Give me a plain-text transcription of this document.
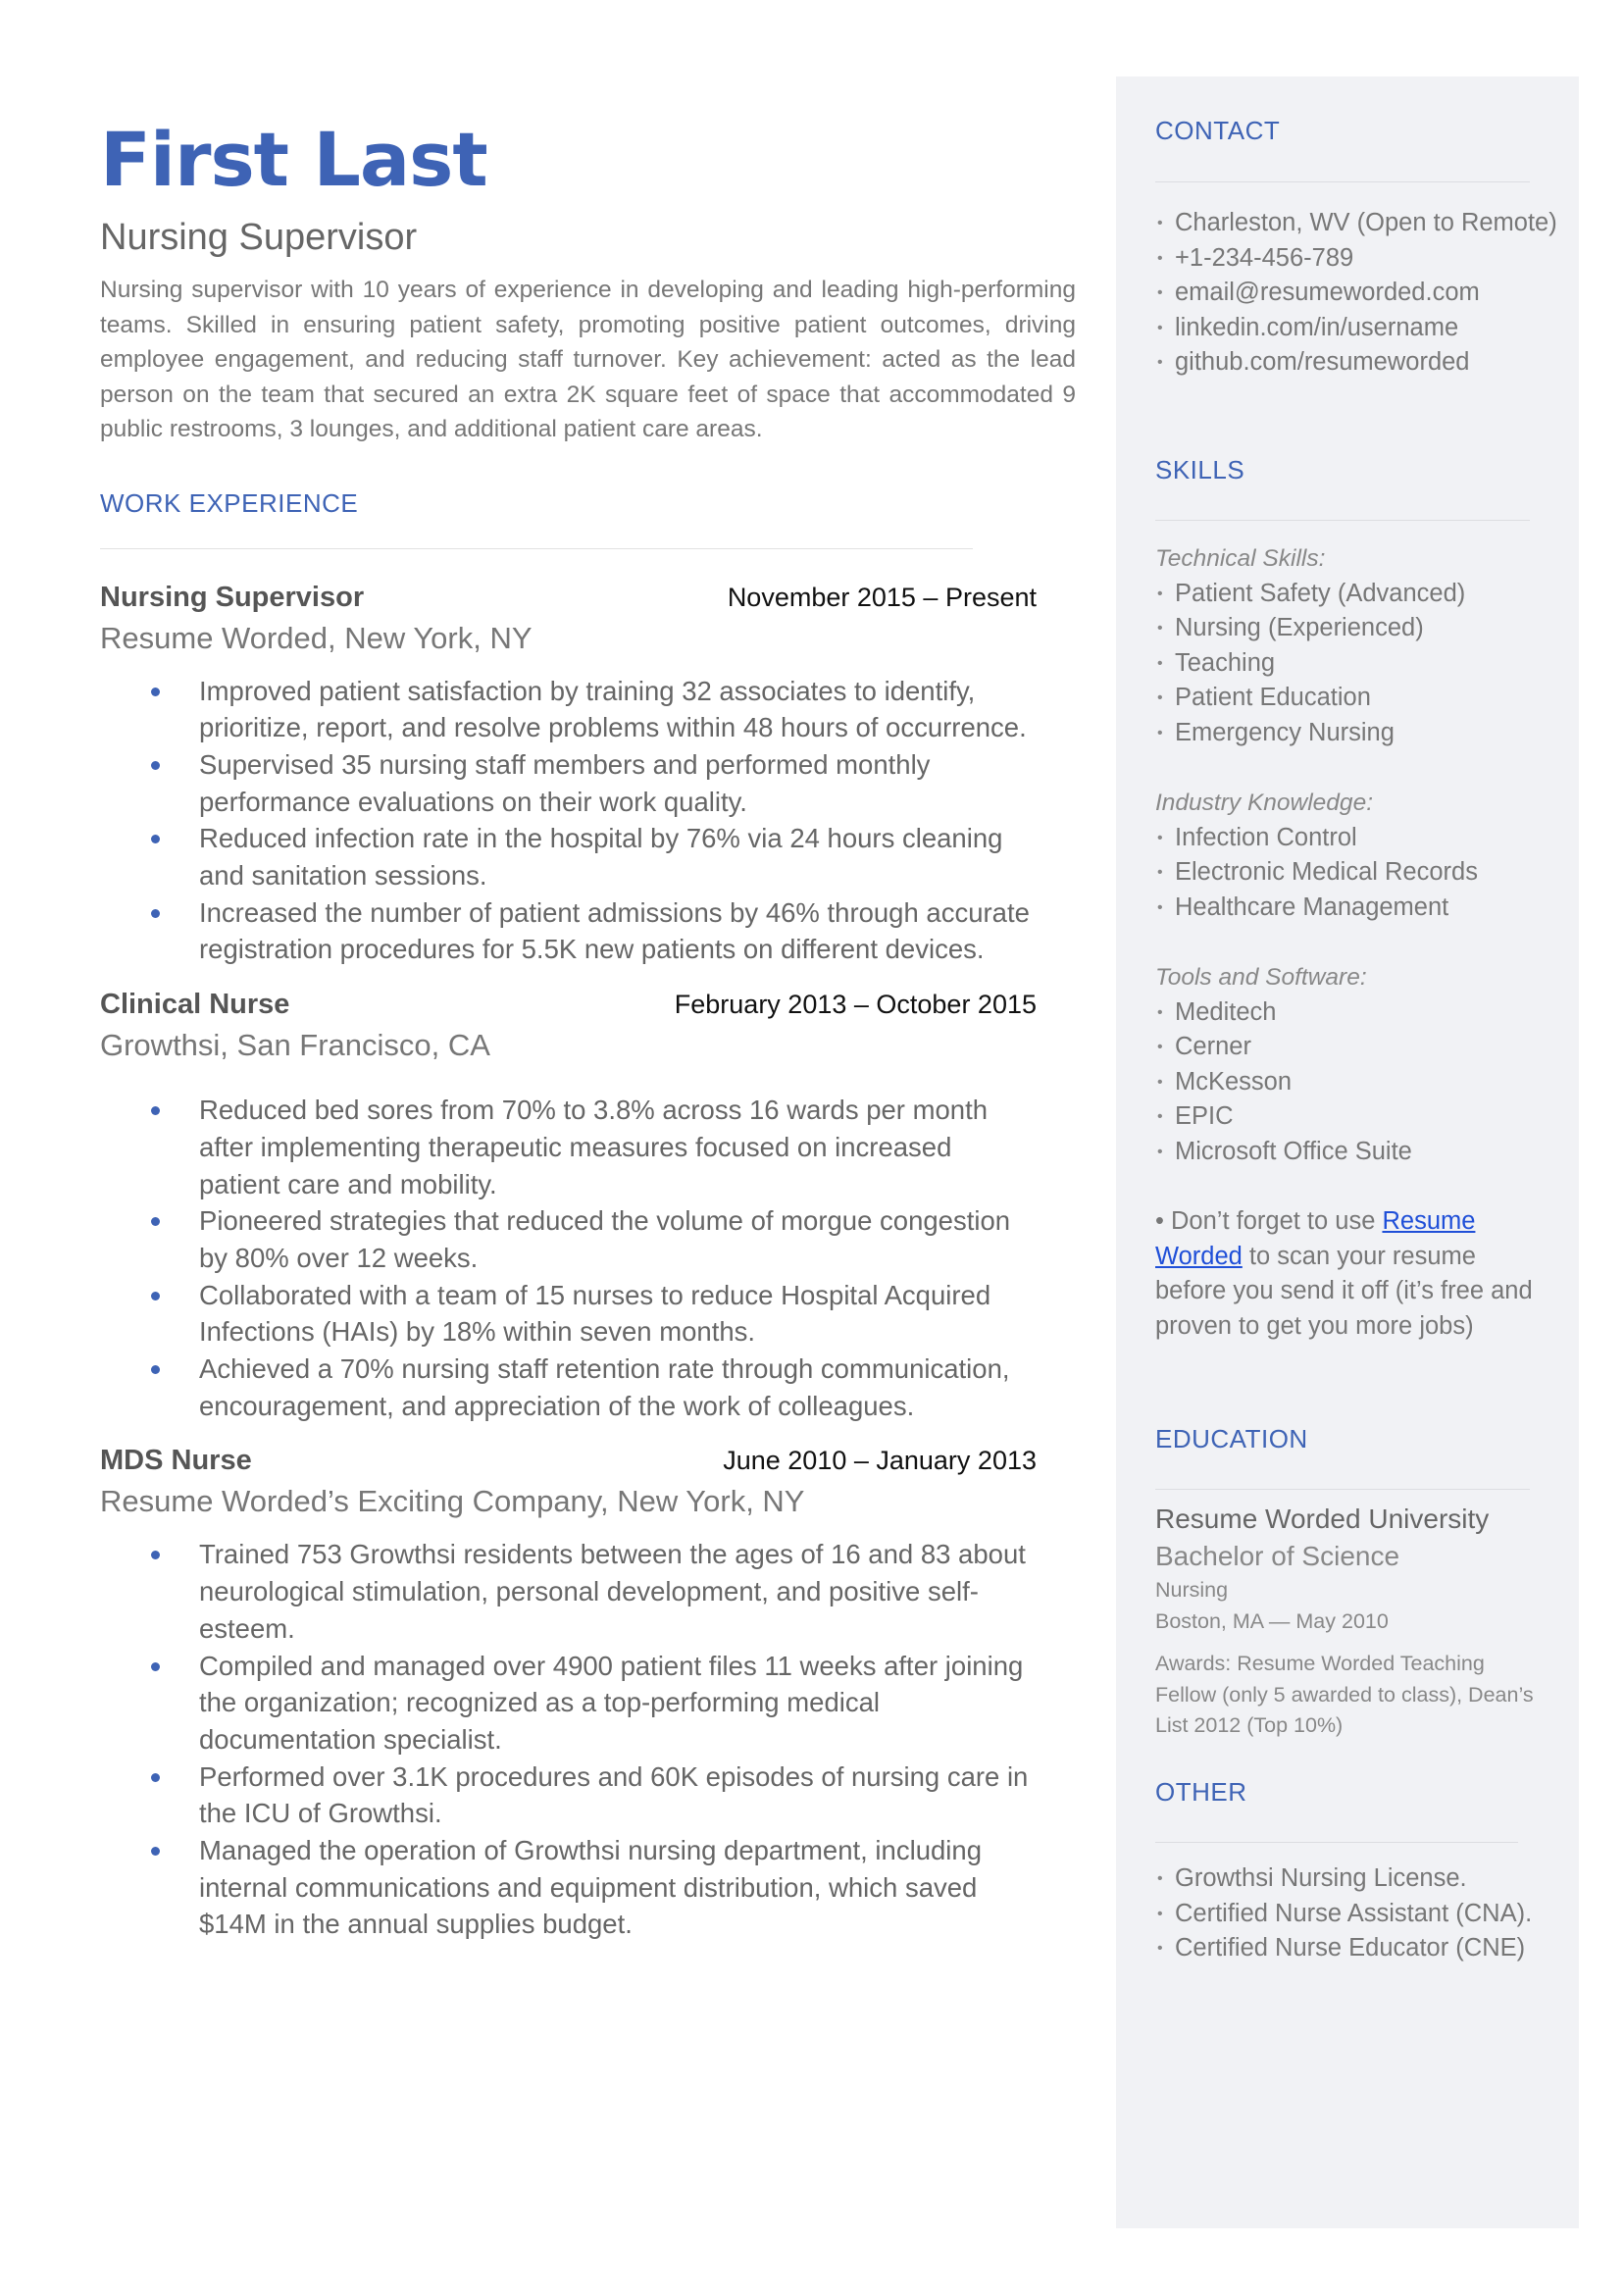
First Last
Nursing Supervisor
Nursing supervisor with 10 years of experience in developing and leading high-performing teams. Skilled in ensuring patient safety, promoting positive patient outcomes, driving employee engagement, and reducing staff turnover. Key achievement: acted as the lead person on the team that secured an extra 2K square feet of space that accommodated 9 public restrooms, 3 lounges, and additional patient care areas.
WORK EXPERIENCE
Nursing Supervisor	November 2015 – Present
Resume Worded, New York, NY
Improved patient satisfaction by training 32 associates to identify, prioritize, report, and resolve problems within 48 hours of occurrence.
Supervised 35 nursing staff members and performed monthly performance evaluations on their work quality.
Reduced infection rate in the hospital by 76% via 24 hours cleaning and sanitation sessions.
Increased the number of patient admissions by 46% through accurate registration procedures for 5.5K new patients on different devices.
Clinical Nurse	February 2013 – October 2015
Growthsi, San Francisco, CA
Reduced bed sores from 70% to 3.8% across 16 wards per month after implementing therapeutic measures focused on increased patient care and mobility.
Pioneered strategies that reduced the volume of morgue congestion by 80% over 12 weeks.
Collaborated with a team of 15 nurses to reduce Hospital Acquired Infections (HAIs) by 18% within seven months.
Achieved a 70% nursing staff retention rate through communication, encouragement, and appreciation of the work of colleagues.
MDS Nurse	June 2010 – January 2013
Resume Worded’s Exciting Company, New York, NY
Trained 753 Growthsi residents between the ages of 16 and 83 about neurological stimulation, personal development, and positive self-esteem.
Compiled and managed over 4900 patient files 11 weeks after joining the organization; recognized as a top-performing medical documentation specialist.
Performed over 3.1K procedures and 60K episodes of nursing care in the ICU of Growthsi.
Managed the operation of Growthsi nursing department, including internal communications and equipment distribution, which saved $14M in the annual supplies budget.
CONTACT
• Charleston, WV (Open to Remote)
• +1-234-456-789
• email@resumeworded.com
• linkedin.com/in/username
• github.com/resumeworded
SKILLS
Technical Skills:
• Patient Safety (Advanced)
• Nursing (Experienced)
• Teaching
• Patient Education
• Emergency Nursing
Industry Knowledge:
• Infection Control
• Electronic Medical Records
• Healthcare Management
Tools and Software:
• Meditech
• Cerner
• McKesson
• EPIC
• Microsoft Office Suite
• Don’t forget to use Resume Worded to scan your resume before you send it off (it’s free and proven to get you more jobs)
EDUCATION
Resume Worded University
Bachelor of Science
Nursing
Boston, MA — May 2010
Awards: Resume Worded Teaching Fellow (only 5 awarded to class), Dean’s List 2012 (Top 10%)
OTHER
• Growthsi Nursing License.
• Certified Nurse Assistant (CNA).
• Certified Nurse Educator (CNE)
